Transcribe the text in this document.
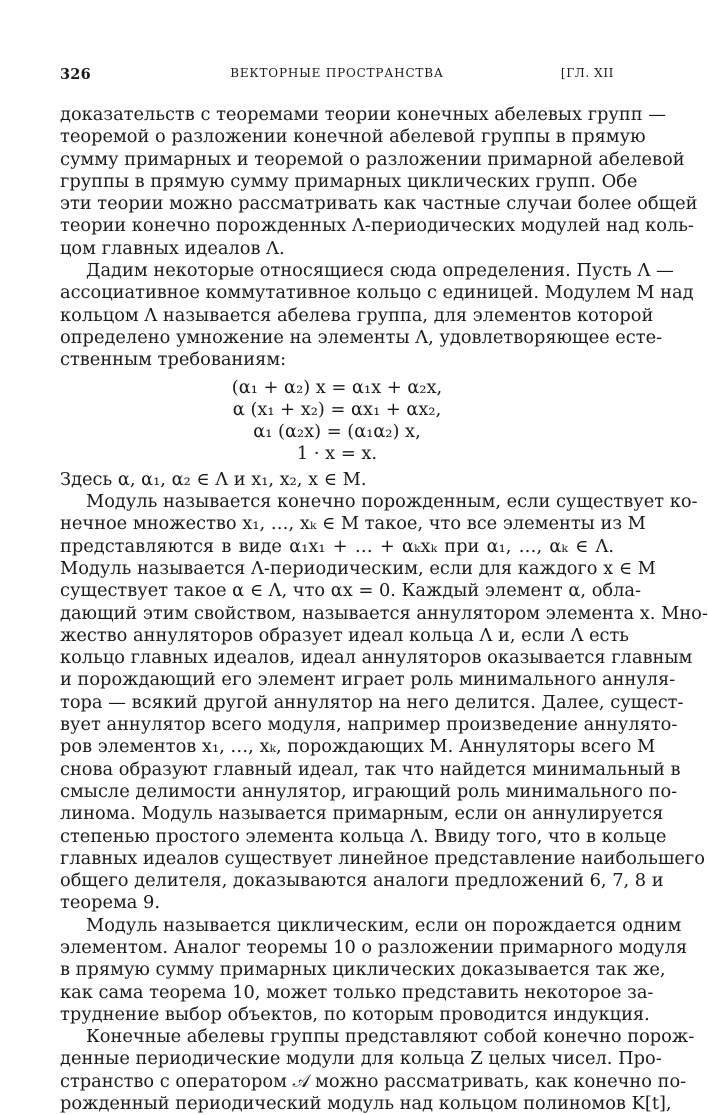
326	ВЕКТОРНЫЕ ПРОСТРАНСТВА	[ГЛ. XII
доказательств с теоремами теории конечных абелевых групп —
теоремой о разложении конечной абелевой группы в прямую
сумму примарных и теоремой о разложении примарной абелевой
группы в прямую сумму примарных циклических групп. Обе
эти теории можно рассматривать как частные случаи более общей
теории конечно порожденных Λ-периодических модулей над коль-
цом главных идеалов Λ.
Дадим некоторые относящиеся сюда определения. Пусть Λ —
ассоциативное коммутативное кольцо с единицей. Модулем M над
кольцом Λ называется абелева группа, для элементов которой
определено умножение на элементы Λ, удовлетворяющее есте-
ственным требованиям:
(α₁ + α₂) x = α₁x + α₂x,
α (x₁ + x₂) = αx₁ + αx₂,
α₁ (α₂x) = (α₁α₂) x,
1 · x = x.
Здесь α, α₁, α₂ ∈ Λ и x₁, x₂, x ∈ M.
Модуль называется конечно порожденным, если существует ко-
нечное множество x₁, …, xₖ ∈ M такое, что все элементы из M
представляются в виде α₁x₁ + … + αₖxₖ при α₁, …, αₖ ∈ Λ.
Модуль называется Λ-периодическим, если для каждого x ∈ M
существует такое α ∈ Λ, что αx = 0. Каждый элемент α, обла-
дающий этим свойством, называется аннулятором элемента x. Мно-
жество аннуляторов образует идеал кольца Λ и, если Λ есть
кольцо главных идеалов, идеал аннуляторов оказывается главным
и порождающий его элемент играет роль минимального аннуля-
тора — всякий другой аннулятор на него делится. Далее, сущест-
вует аннулятор всего модуля, например произведение аннулято-
ров элементов x₁, …, xₖ, порождающих M. Аннуляторы всего M
снова образуют главный идеал, так что найдется минимальный в
смысле делимости аннулятор, играющий роль минимального по-
линома. Модуль называется примарным, если он аннулируется
степенью простого элемента кольца Λ. Ввиду того, что в кольце
главных идеалов существует линейное представление наибольшего
общего делителя, доказываются аналоги предложений 6, 7, 8 и
теорема 9.
Модуль называется циклическим, если он порождается одним
элементом. Аналог теоремы 10 о разложении примарного модуля
в прямую сумму примарных циклических доказывается так же,
как сама теорема 10, может только представить некоторое за-
труднение выбор объектов, по которым проводится индукция.
Конечные абелевы группы представляют собой конечно порож-
денные периодические модули для кольца Z целых чисел. Про-
странство с оператором 𝒜 можно рассматривать, как конечно по-
рожденный периодический модуль над кольцом полиномов K[t],
